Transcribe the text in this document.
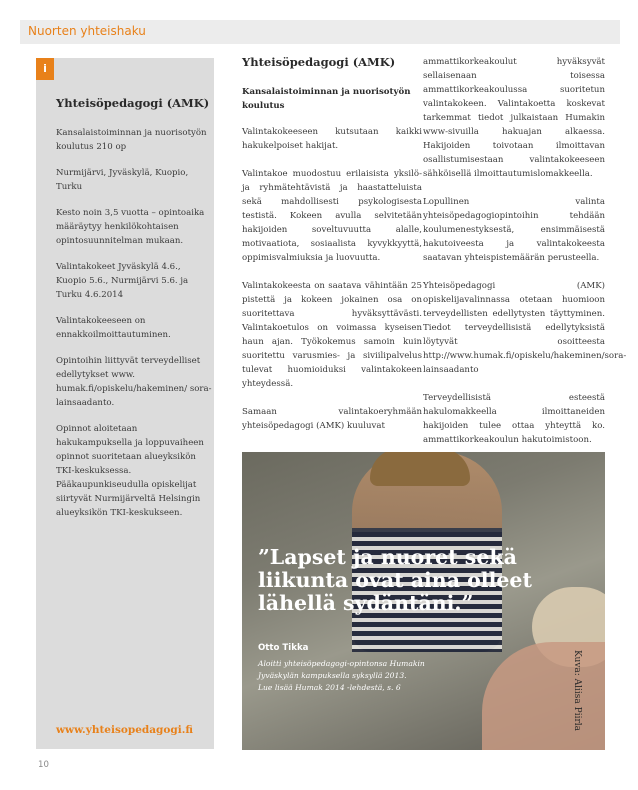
Nuorten yhteishaku
i
Yhteisöpedagogi (AMK)
Kansalaistoiminnan ja nuorisotyön koulutus 210 op
Nurmijärvi, Jyväskylä, Kuopio, Turku
Kesto noin 3,5 vuotta – opintoaika määräytyy henkilökohtaisen opintosuunnitelman mukaan.
Valintakokeet Jyväskylä 4.6., Kuopio 5.6., Nurmijärvi 5.6. ja Turku 4.6.2014
Valintakokeeseen on ennakkoilmoittautuminen.
Opintoihin liittyvät terveydelliset edellytykset www. humak.fi/opiskelu/hakeminen/ sora-lainsaadanto.
Opinnot aloitetaan hakukampuksella ja loppuvaiheen opinnot suoritetaan alueyksikön TKI-keskuksessa. Pääkaupunkiseudulla opiskelijat siirtyvät Nurmijärveltä Helsingin alueyksikön TKI-keskukseen.
www.yhteisopedagogi.fi
Yhteisöpedagogi (AMK)
Kansalaistoiminnan ja nuorisotyön koulutus

Valintakokeeseen kutsutaan kaikki hakukelpoiset hakijat.

Valintakoe muodostuu erilaisista yksilö- ja ryhmätehtävistä ja haastatteluista sekä mahdollisesti psykologisesta testistä. Kokeen avulla selvitetään hakijoiden soveltuvuutta alalle, motivaatiota, sosiaalista kyvykkyyttä, oppimisvalmiuksia ja luovuutta.

Valintakokeesta on saatava vähintään 25 pistettä ja kokeen jokainen osa on suoritettava hyväksyttävästi. Valintakoetulos on voimassa kyseisen haun ajan. Työkokemus samoin kuin suoritettu varusmies- ja siviilipalvelus tulevat huomioiduksi valintakokeen yhteydessä.

Samaan valintakoeryhmään yhteisöpedagogi (AMK) kuuluvat

ammattikorkeakoulut hyväksyvät sellaisenaan toisessa ammattikorkeakoulussa suoritetun valintakokeen. Valintakoetta koskevat tarkemmat tiedot julkaistaan Humakin www-sivuilla hakuajan alkaessa. Hakijoiden toivotaan ilmoittavan osallistumisestaan valintakokeeseen sähköisellä ilmoittautumislomakkeella.

Lopullinen valinta yhteisöpedagogiopintoihin tehdään koulumenestyksestä, ensimmäisestä hakutoiveesta ja valintakokeesta saatavan yhteispistemäärän perusteella.

Yhteisöpedagogi (AMK) opiskelijavalinnassa otetaan huomioon terveydellisten edellytysten täyttyminen. Tiedot terveydellisistä edellytyksistä löytyvät osoitteesta http://www.humak.fi/opiskelu/hakeminen/sora-lainsaadanto

Terveydellisistä esteestä hakulomakkeella ilmoittaneiden hakijoiden tulee ottaa yhteyttä ko. ammattikorkeakoulun hakutoimistoon.

”Lapset ja nuoret sekä liikunta ovat aina olleet lähellä sydäntäni.”
Otto Tikka
Aloitti yhteisöpedagogi-opintonsa Humakin
Jyväskylän kampuksella syksyllä 2013.
Lue lisää Humak 2014 -lehdestä, s. 6	Kuva: Aliisa Piirla
10
